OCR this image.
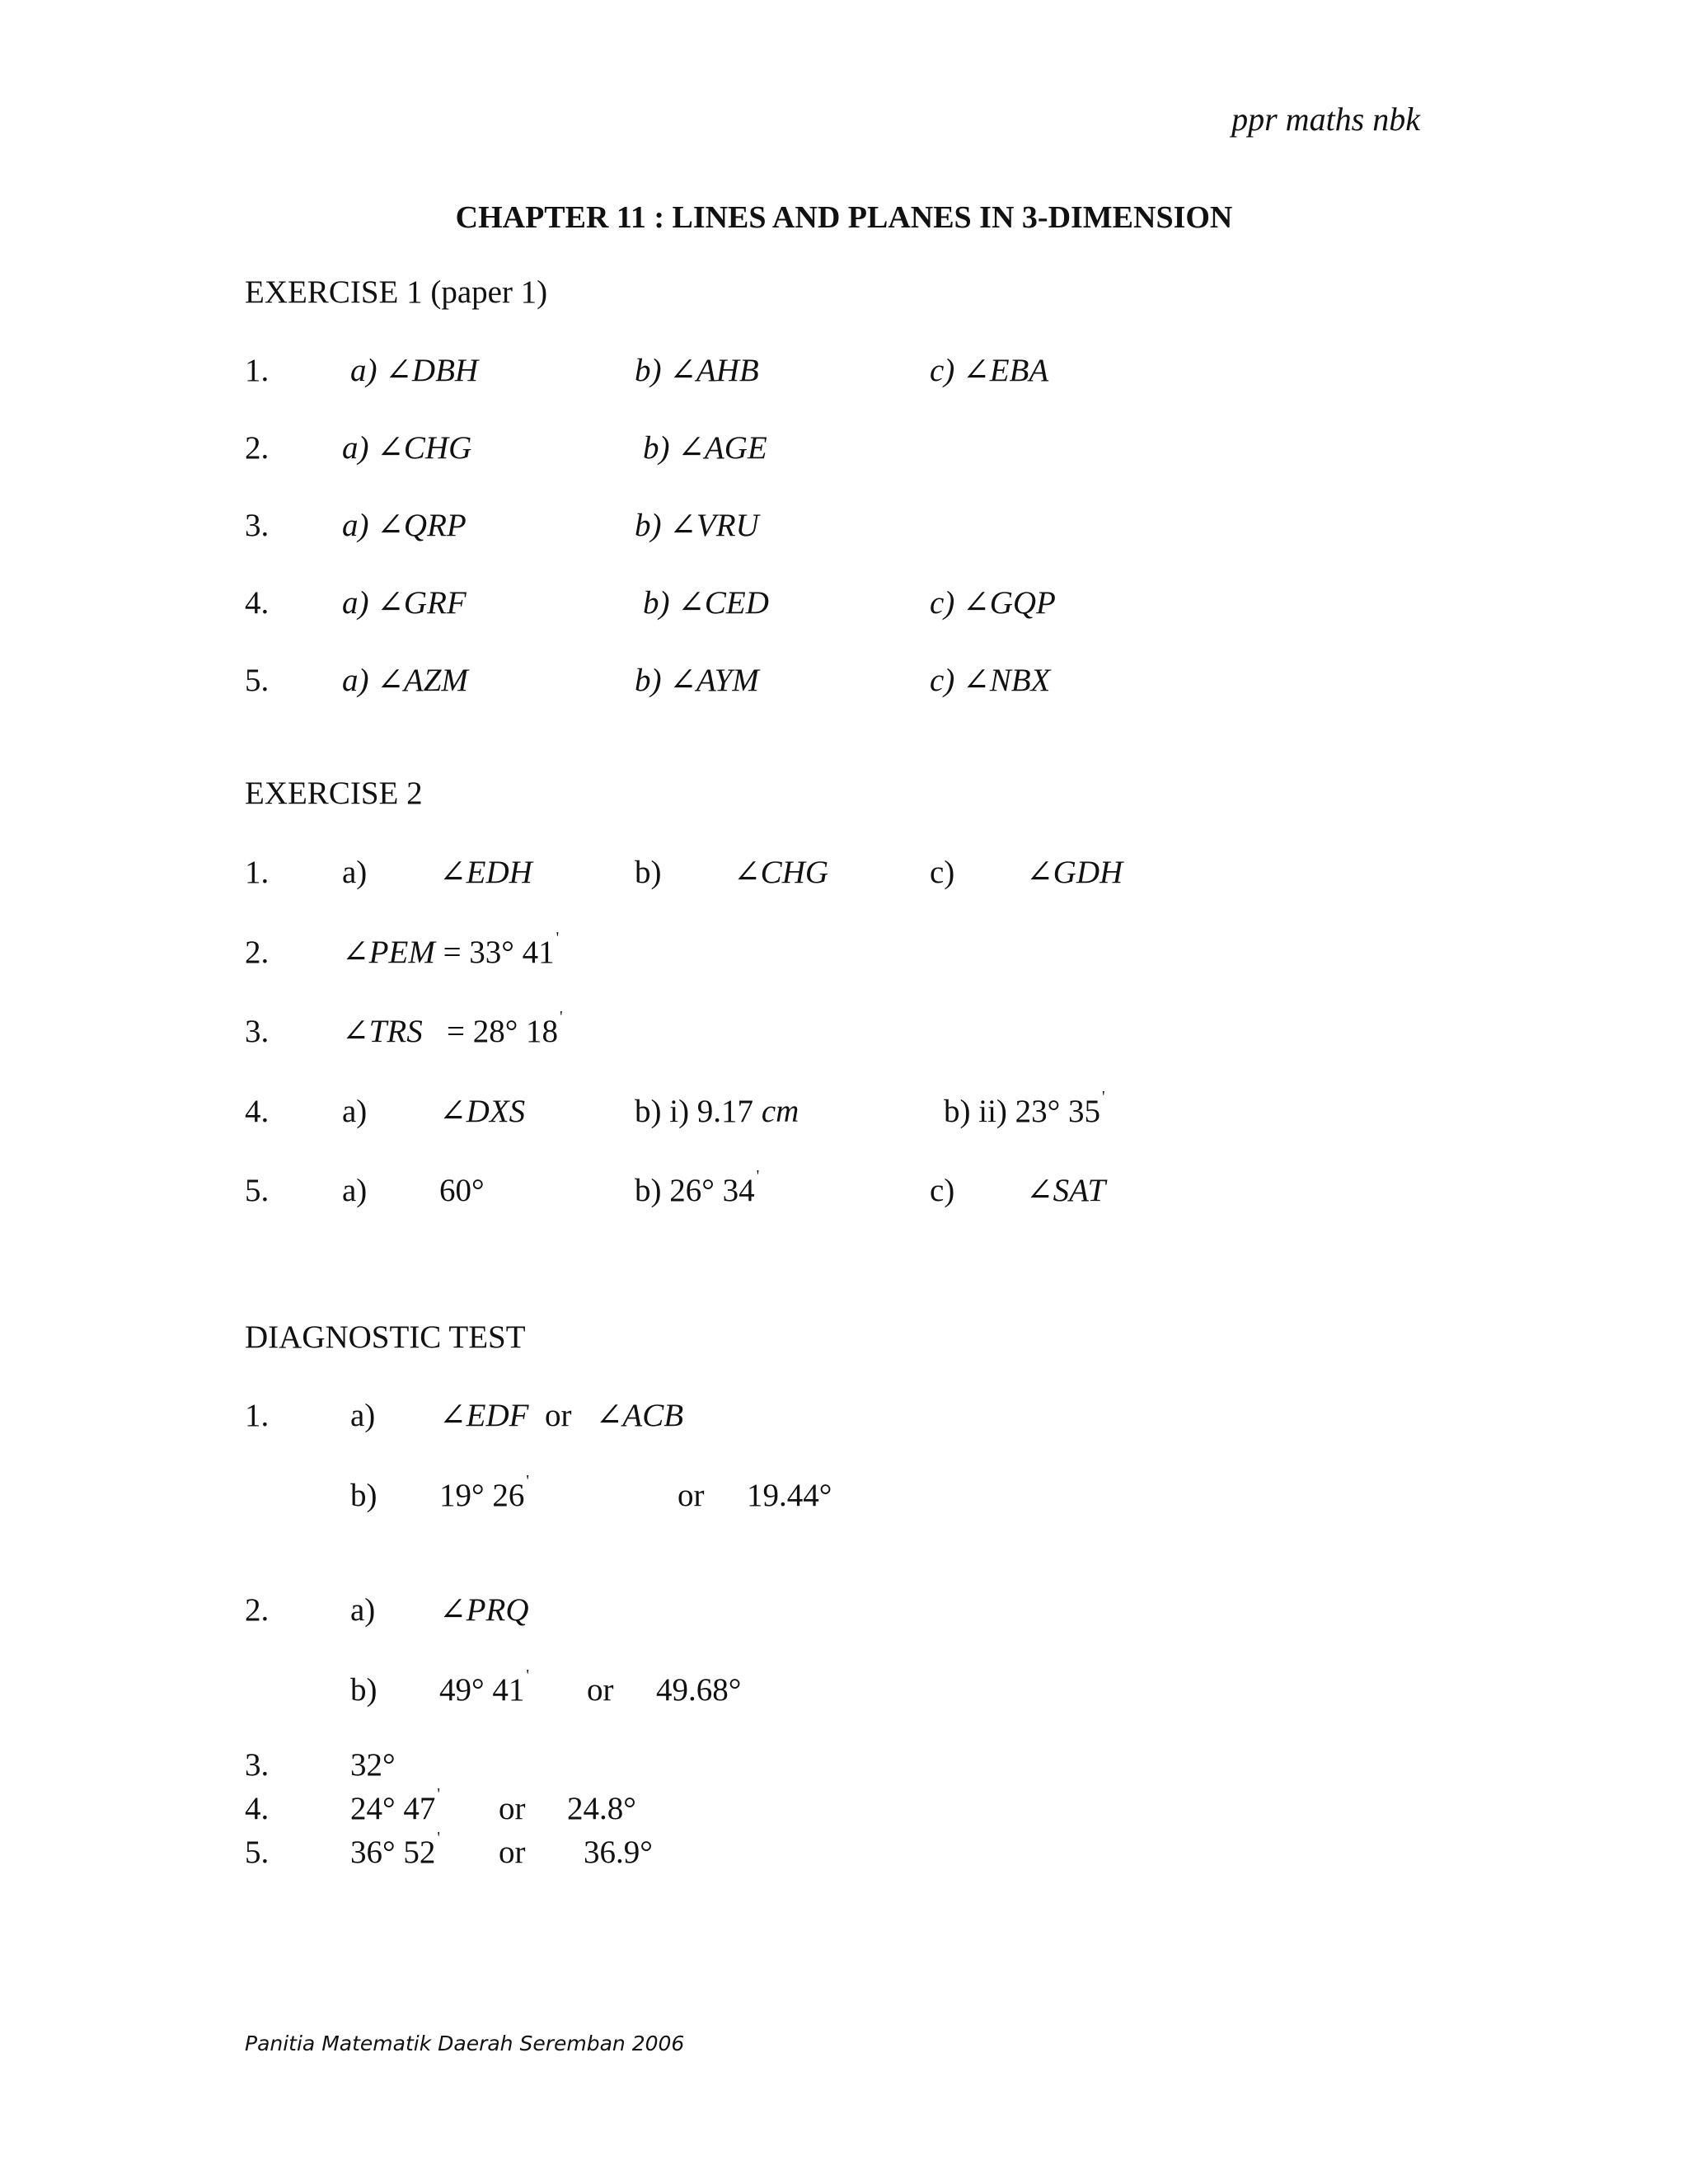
ppr maths nbk
CHAPTER 11 : LINES AND PLANES IN 3-DIMENSION
EXERCISE 1 (paper 1)
1.	a) ∠DBH	b) ∠AHB	c) ∠EBA
2. a) ∠CHG	b) ∠AGE
3. a) ∠QRP	b) ∠VRU
4. a) ∠GRF	b) ∠CED	c) ∠GQP
5. a) ∠AZM	b) ∠AYM	c) ∠NBX
EXERCISE 2
1. a) ∠EDH	b) ∠CHG	c) ∠GDH
2. ∠PEM = 33° 41 '
3. ∠TRS = 28° 18 '
4. a) ∠DXS	b) i) 9.17 cm	b) ii) 23° 35 '
5. a) 60°	b) 26° 34 '	c) ∠SAT
DIAGNOSTIC TEST
1.	a) ∠EDF or ∠ACB
b) 19° 26 '	or 19.44°
2.	a) ∠PRQ
b) 49° 41 ' or 49.68°
3.	32°
4.	24° 47 ' or 24.8°
5.	36° 52 ' or 36.9°
Panitia Matematik Daerah Seremban 2006
